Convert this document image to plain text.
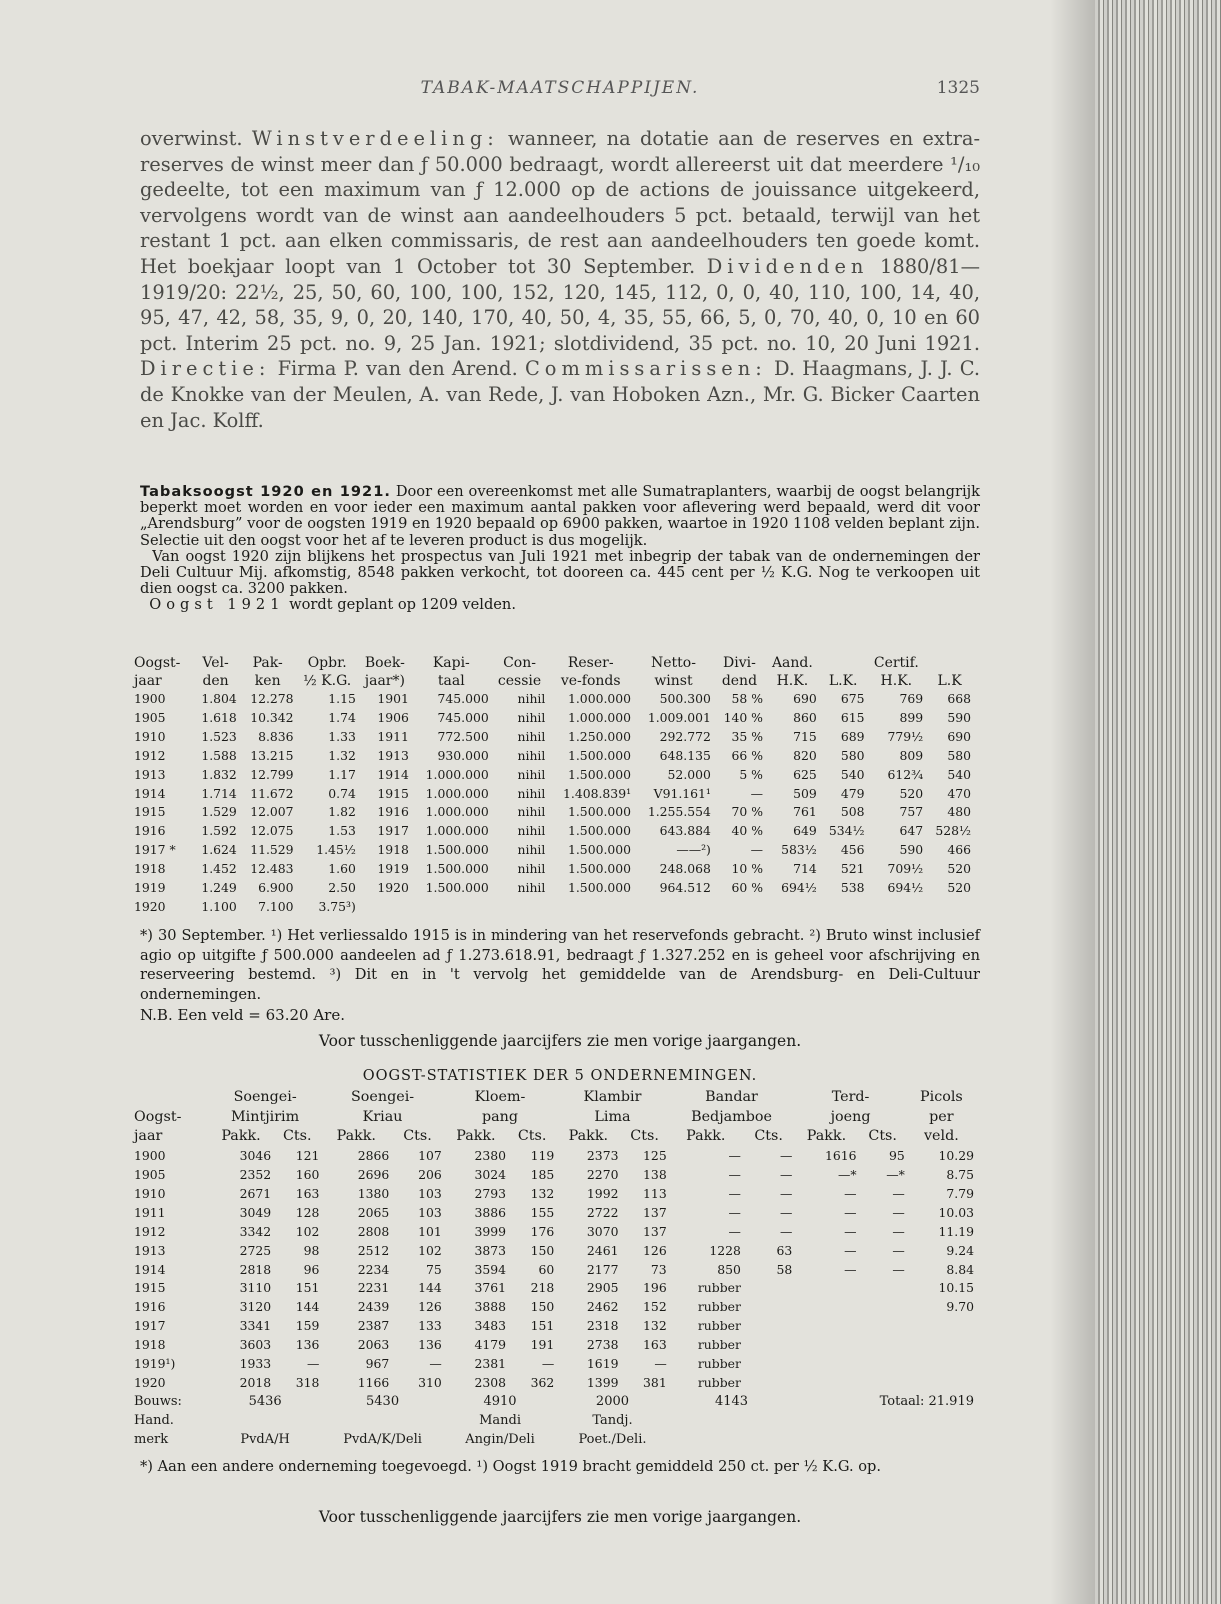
TABAK-MAATSCHAPPIJEN.	1325
overwinst. Winstverdeeling: wanneer, na dotatie aan de reserves en extra-reserves de winst meer dan ƒ 50.000 bedraagt, wordt allereerst uit dat meerdere ¹/₁₀ gedeelte, tot een maximum van ƒ 12.000 op de actions de jouissance uitgekeerd, vervolgens wordt van de winst aan aandeelhouders 5 pct. betaald, terwijl van het restant 1 pct. aan elken commissaris, de rest aan aandeelhouders ten goede komt. Het boekjaar loopt van 1 October tot 30 September. Dividenden 1880/81—1919/20: 22½, 25, 50, 60, 100, 100, 152, 120, 145, 112, 0, 0, 40, 110, 100, 14, 40, 95, 47, 42, 58, 35, 9, 0, 20, 140, 170, 40, 50, 4, 35, 55, 66, 5, 0, 70, 40, 0, 10 en 60 pct. Interim 25 pct. no. 9, 25 Jan. 1921; slotdividend, 35 pct. no. 10, 20 Juni 1921. Directie: Firma P. van den Arend. Commissarissen: D. Haagmans, J. J. C. de Knokke van der Meulen, A. van Rede, J. van Hoboken Azn., Mr. G. Bicker Caarten en Jac. Kolff.
Tabaksoogst 1920 en 1921. Door een overeenkomst met alle Sumatraplanters, waarbij de oogst belangrijk beperkt moet worden en voor ieder een maximum aantal pakken voor aflevering werd bepaald, werd dit voor „Arendsburg” voor de oogsten 1919 en 1920 bepaald op 6900 pakken, waartoe in 1920 1108 velden beplant zijn. Selectie uit den oogst voor het af te leveren product is dus mogelijk.
Van oogst 1920 zijn blijkens het prospectus van Juli 1921 met inbegrip der tabak van de ondernemingen der Deli Cultuur Mij. afkomstig, 8548 pakken verkocht, tot dooreen ca. 445 cent per ½ K.G. Nog te verkoopen uit dien oogst ca. 3200 pakken.
Oogst 1921 wordt geplant op 1209 velden.
Oogst-	Vel-	Pak-	Opbr.	Boek-	Kapi-	Con-	Reser-	Netto-	Divi-	Aand.		Certif.	
jaar	den	ken	½ K.G.	jaar*)	taal	cessie	ve-fonds	winst	dend	H.K.	L.K.	H.K.	L.K
1900	1.804	12.278	1.15	1901	745.000	nihil	1.000.000	500.300	58 %	690	675	769	668
1905	1.618	10.342	1.74	1906	745.000	nihil	1.000.000	1.009.001	140 %	860	615	899	590
1910	1.523	8.836	1.33	1911	772.500	nihil	1.250.000	292.772	35 %	715	689	779½	690
1912	1.588	13.215	1.32	1913	930.000	nihil	1.500.000	648.135	66 %	820	580	809	580
1913	1.832	12.799	1.17	1914	1.000.000	nihil	1.500.000	52.000	5 %	625	540	612¾	540
1914	1.714	11.672	0.74	1915	1.000.000	nihil	1.408.839¹	V91.161¹	—	509	479	520	470
1915	1.529	12.007	1.82	1916	1.000.000	nihil	1.500.000	1.255.554	70 %	761	508	757	480
1916	1.592	12.075	1.53	1917	1.000.000	nihil	1.500.000	643.884	40 %	649	534½	647	528½
1917 *	1.624	11.529	1.45½	1918	1.500.000	nihil	1.500.000	——²)	—	583½	456	590	466
1918	1.452	12.483	1.60	1919	1.500.000	nihil	1.500.000	248.068	10 %	714	521	709½	520
1919	1.249	6.900	2.50	1920	1.500.000	nihil	1.500.000	964.512	60 %	694½	538	694½	520
1920	1.100	7.100	3.75³)										
*) 30 September. ¹) Het verliessaldo 1915 is in mindering van het reservefonds gebracht. ²) Bruto winst inclusief agio op uitgifte ƒ 500.000 aandeelen ad ƒ 1.273.618.91, bedraagt ƒ 1.327.252 en is geheel voor afschrijving en reserveering bestemd. ³) Dit en in 't vervolg het gemiddelde van de Arendsburg- en Deli-Cultuur ondernemingen.
N.B. Een veld = 63.20 Are.
Voor tusschenliggende jaarcijfers zie men vorige jaargangen.
OOGST-STATISTIEK DER 5 ONDERNEMINGEN.
	Soengei-		Soengei-		Kloem-		Klambir		Bandar		Terd-		Picols
Oogst-	Mintjirim		Kriau		pang		Lima		Bedjamboe		joeng		per
jaar	Pakk.	Cts.	Pakk.	Cts.	Pakk.	Cts.	Pakk.	Cts.	Pakk.	Cts.	Pakk.	Cts.	veld.
1900	3046	121	2866	107	2380	119	2373	125	—	—	1616	95	10.29
1905	2352	160	2696	206	3024	185	2270	138	—	—	—*	—*	8.75
1910	2671	163	1380	103	2793	132	1992	113	—	—	—	—	7.79
1911	3049	128	2065	103	3886	155	2722	137	—	—	—	—	10.03
1912	3342	102	2808	101	3999	176	3070	137	—	—	—	—	11.19
1913	2725	98	2512	102	3873	150	2461	126	1228	63	—	—	9.24
1914	2818	96	2234	75	3594	60	2177	73	850	58	—	—	8.84
1915	3110	151	2231	144	3761	218	2905	196	rubber				10.15
1916	3120	144	2439	126	3888	150	2462	152	rubber				9.70
1917	3341	159	2387	133	3483	151	2318	132	rubber				
1918	3603	136	2063	136	4179	191	2738	163	rubber				
1919¹)	1933	—	967	—	2381	—	1619	—	rubber				
1920	2018	318	1166	310	2308	362	1399	381	rubber				
Bouws:	5436		5430		4910		2000		4143		Totaal: 21.919		
Hand.					Mandi		Tandj.						
merk	PvdA/H		PvdA/K/Deli		Angin/Deli		Poet./Deli.						
*) Aan een andere onderneming toegevoegd. ¹) Oogst 1919 bracht gemiddeld 250 ct. per ½ K.G. op.
Voor tusschenliggende jaarcijfers zie men vorige jaargangen.
